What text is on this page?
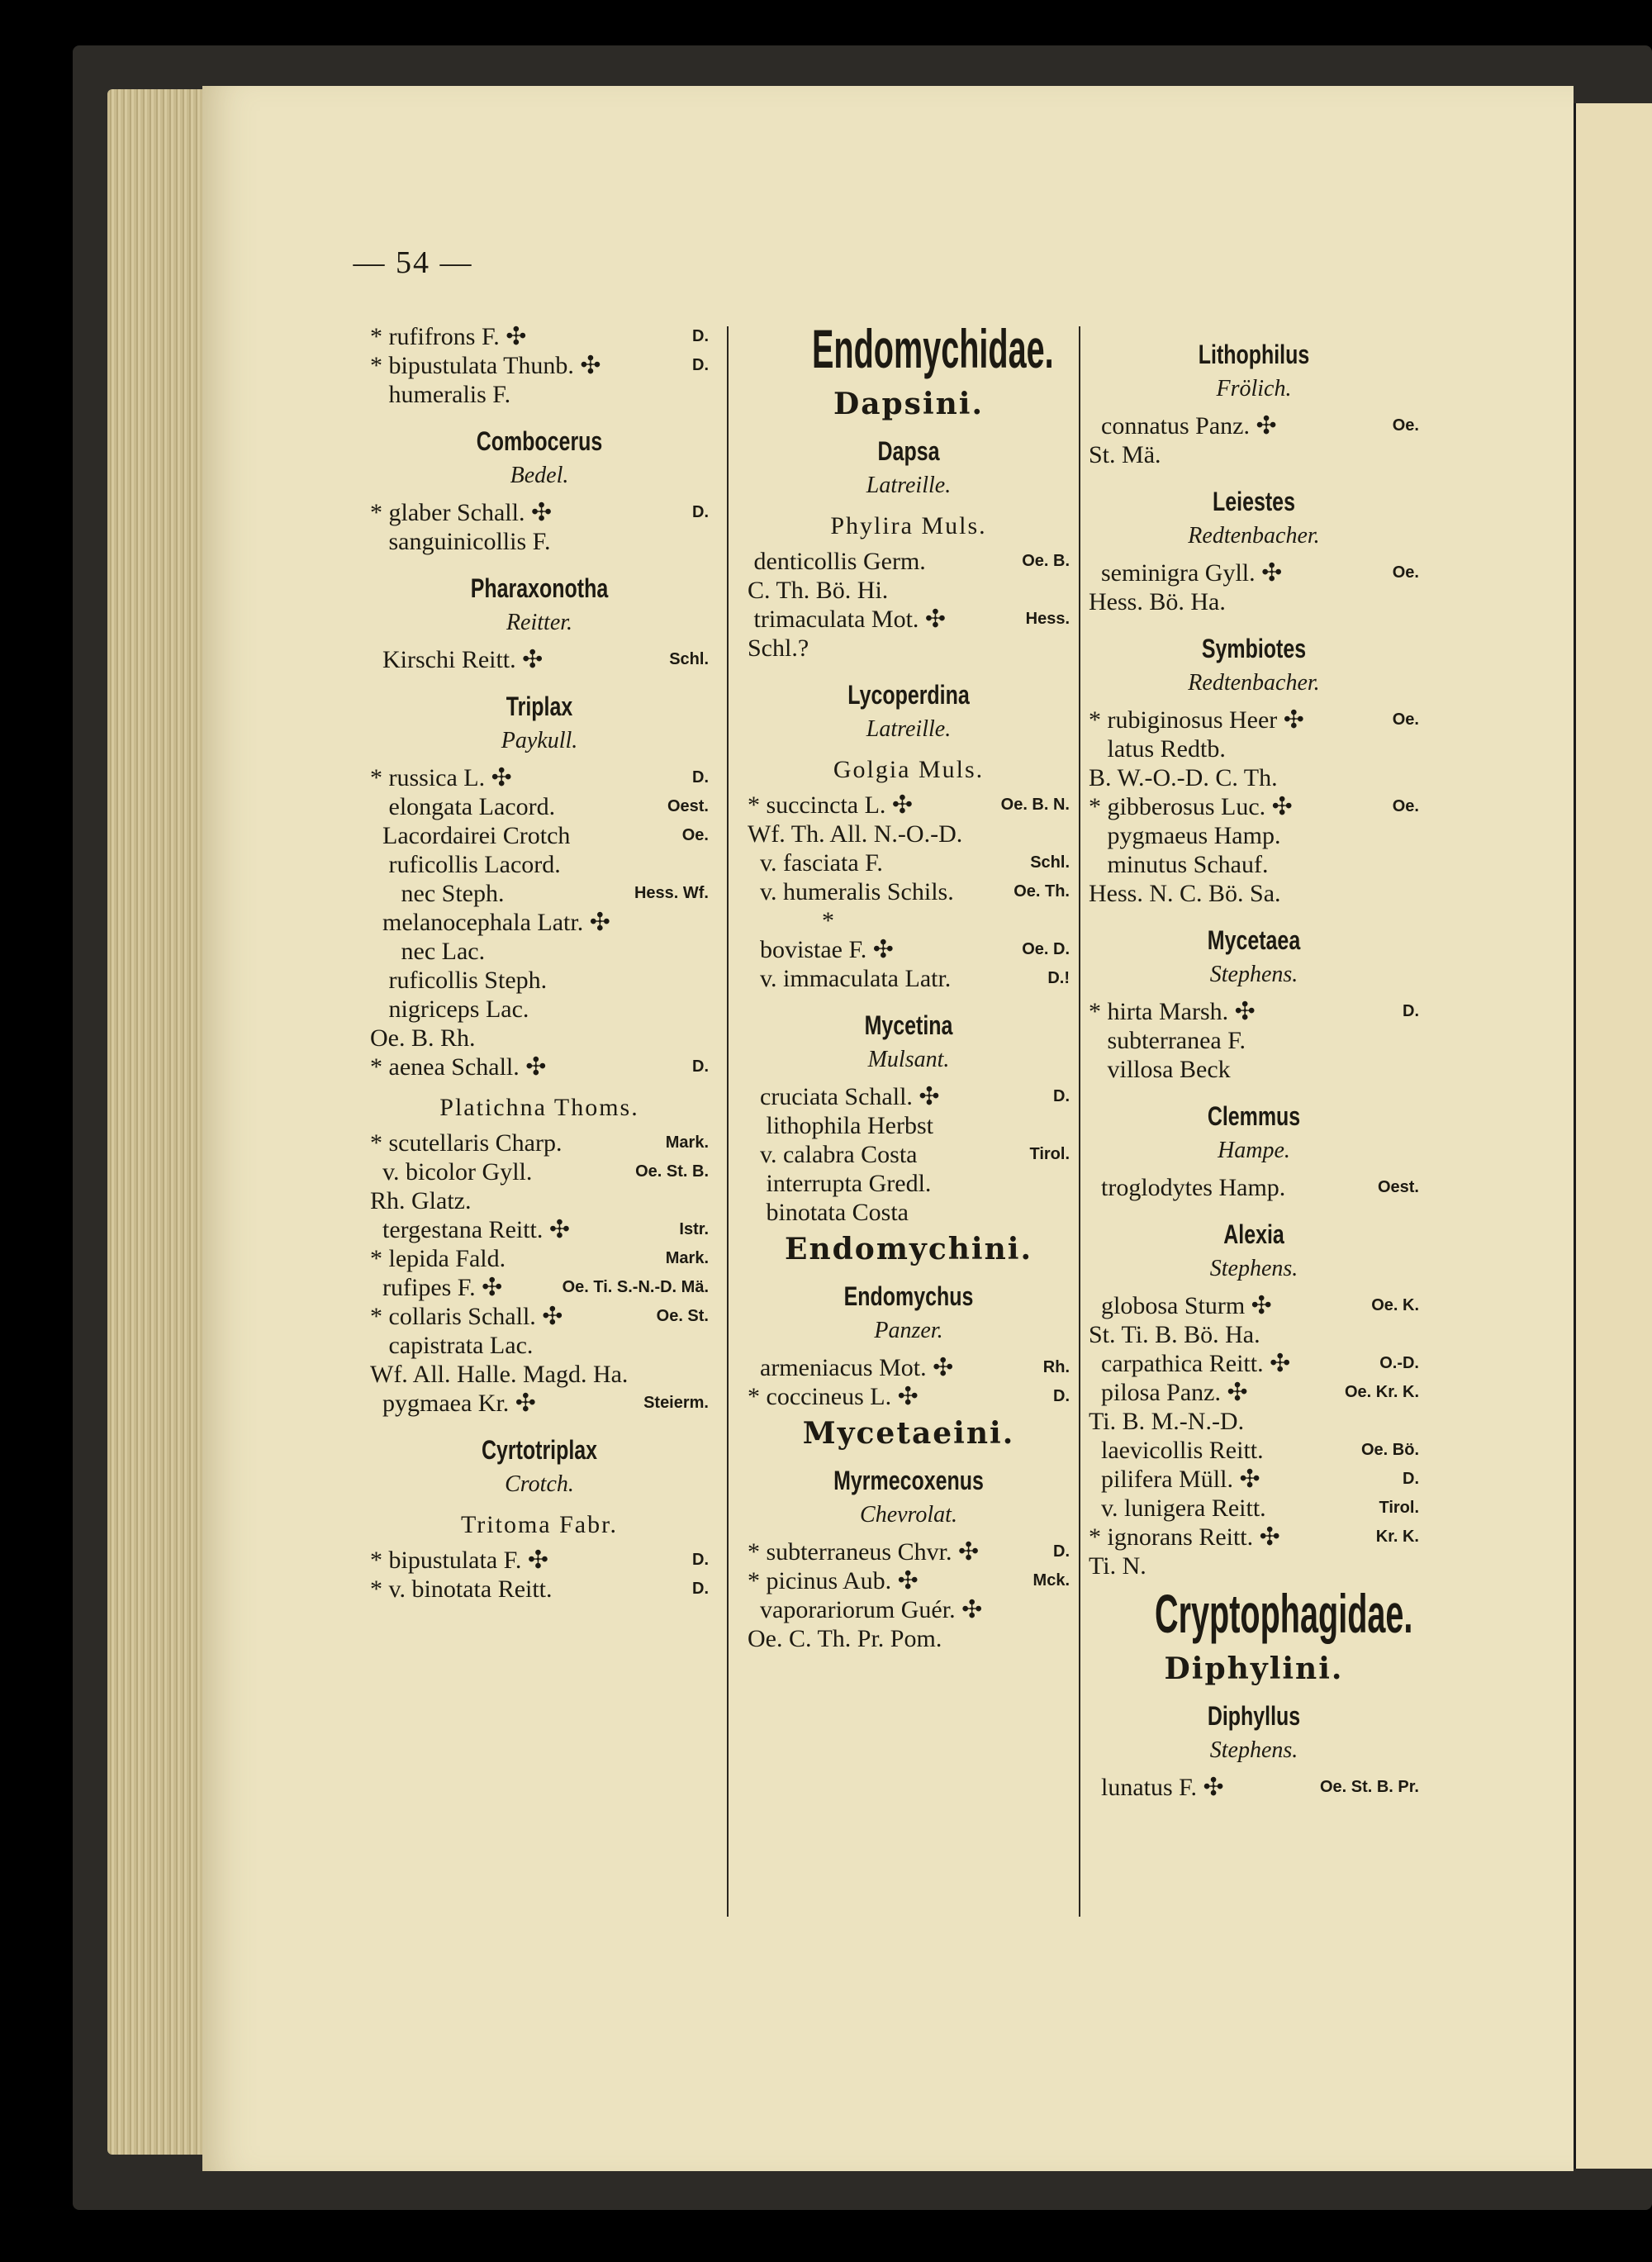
— 54 —
* rufifrons F. ✣	D.
* bipustulata Thunb. ✣	D.
humeralis F.
Combocerus
Bedel.
* glaber Schall. ✣	D.
sanguinicollis F.
Pharaxonotha
Reitter.
Kirschi Reitt. ✣	Schl.
Triplax
Paykull.
* russica L. ✣	D.
elongata Lacord.	Oest.
Lacordairei Crotch	Oe.
ruficollis Lacord.
nec Steph.	Hess. Wf.
melanocephala Latr. ✣
nec Lac.
ruficollis Steph.
nigriceps Lac.
Oe. B. Rh.
* aenea Schall. ✣	D.
Platichna Thoms.
* scutellaris Charp.	Mark.
v. bicolor Gyll.	Oe. St. B.
Rh. Glatz.
tergestana Reitt. ✣	Istr.
* lepida Fald.	Mark.
rufipes F. ✣	Oe. Ti. S.-N.-D. Mä.
* collaris Schall. ✣	Oe. St.
capistrata Lac.
Wf. All. Halle. Magd. Ha.
pygmaea Kr. ✣	Steierm.
Cyrtotriplax
Crotch.
Tritoma Fabr.
* bipustulata F. ✣	D.
* v. binotata Reitt.	D.
Endomychidae.
Dapsini.
Dapsa
Latreille.
Phylira Muls.
denticollis Germ.	Oe. B.
C. Th. Bö. Hi.
trimaculata Mot. ✣	Hess.
Schl.?
Lycoperdina
Latreille.
Golgia Muls.
* succincta L. ✣	Oe. B. N.
Wf. Th. All. N.-O.-D.
v. fasciata F.	Schl.
v. humeralis Schils.	Oe. Th.
*
bovistae F. ✣	Oe. D.
v. immaculata Latr.	D.!
Mycetina
Mulsant.
cruciata Schall. ✣	D.
lithophila Herbst
v. calabra Costa	Tirol.
interrupta Gredl.
binotata Costa
Endomychini.
Endomychus
Panzer.
armeniacus Mot. ✣	Rh.
* coccineus L. ✣	D.
Mycetaeini.
Myrmecoxenus
Chevrolat.
* subterraneus Chvr. ✣	D.
* picinus Aub. ✣	Mck.
vaporariorum Guér. ✣
Oe. C. Th. Pr. Pom.
Lithophilus
Frölich.
connatus Panz. ✣	Oe.
St. Mä.
Leiestes
Redtenbacher.
seminigra Gyll. ✣	Oe.
Hess. Bö. Ha.
Symbiotes
Redtenbacher.
* rubiginosus Heer ✣	Oe.
latus Redtb.
B. W.-O.-D. C. Th.
* gibberosus Luc. ✣	Oe.
pygmaeus Hamp.
minutus Schauf.
Hess. N. C. Bö. Sa.
Mycetaea
Stephens.
* hirta Marsh. ✣	D.
subterranea F.
villosa Beck
Clemmus
Hampe.
troglodytes Hamp.	Oest.
Alexia
Stephens.
globosa Sturm ✣	Oe. K.
St. Ti. B. Bö. Ha.
carpathica Reitt. ✣	O.-D.
pilosa Panz. ✣	Oe. Kr. K.
Ti. B. M.-N.-D.
laevicollis Reitt.	Oe. Bö.
pilifera Müll. ✣	D.
v. lunigera Reitt.	Tirol.
* ignorans Reitt. ✣	Kr. K.
Ti. N.
Cryptophagidae.
Diphylini.
Diphyllus
Stephens.
lunatus F. ✣	Oe. St. B. Pr.
